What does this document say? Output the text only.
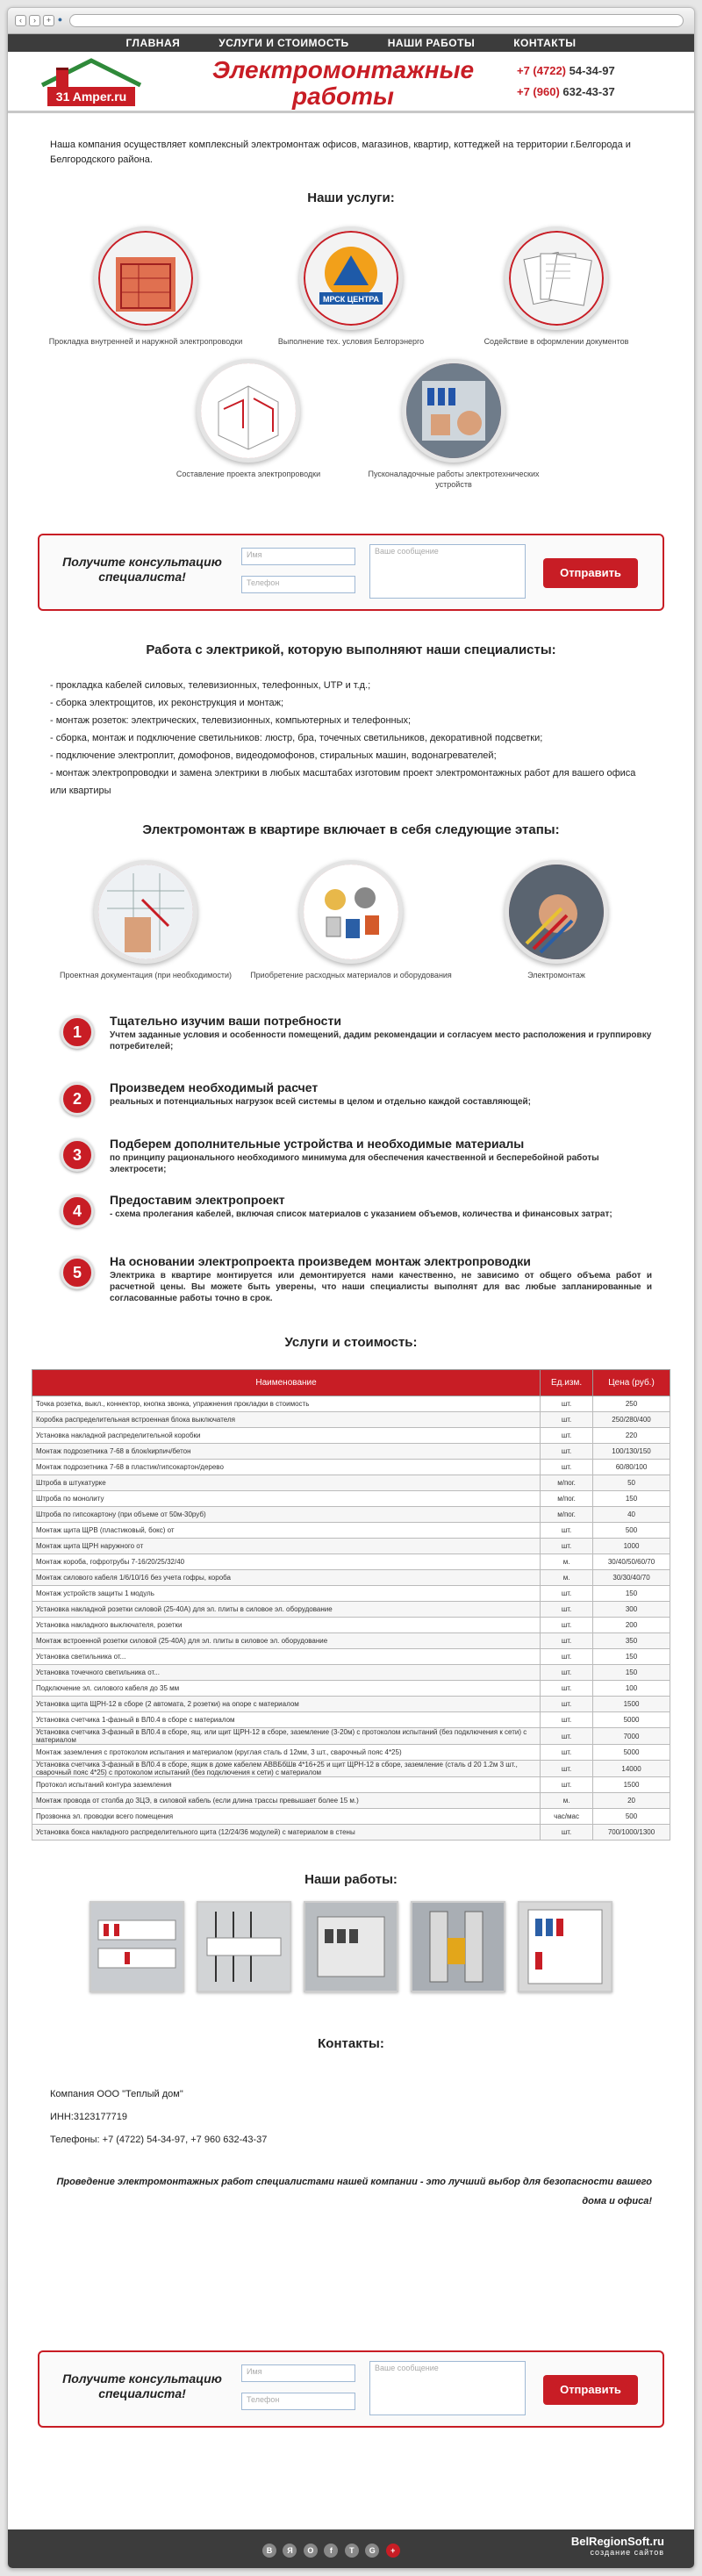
‹	›	+ ●
ГЛАВНАЯ	УСЛУГИ И СТОИМОСТЬ	НАШИ РАБОТЫ	КОНТАКТЫ
31 Amper.ru
Электромонтажные
работы
+7 (4722) 54-34-97
+7 (960) 632-43-37

Наша компания осуществляет комплексный электромонтаж офисов, магазинов, квартир, коттеджей на территории г.Белгорода и Белгородского района.

Наши услуги:
Прокладка внутренней и наружной электропроводки
МРСК ЦЕНТРА
Выполнение тех. условия Белгорэнерго	Содействие в оформлении документов
Составление проекта электропроводки	Пусконаладочные работы электротехнических устройств
Получите консультацию специалиста!
Имя
Телефон
Ваше сообщение
Отправить
Работа с электрикой, которую выполняют наши специалисты:
- прокладка кабелей силовых, телевизионных, телефонных, UTP и т.д.;
- сборка электрощитов, их реконструкция и монтаж;
- монтаж розеток: электрических, телевизионных, компьютерных и телефонных;
- сборка, монтаж и подключение светильников: люстр, бра, точечных светильников, декоративной подсветки;
- подключение электроплит, домофонов, видеодомофонов, стиральных машин, водонагревателей;
- монтаж электропроводки и замена электрики в любых масштабах изготовим проект электромонтажных работ для вашего офиса или квартиры
Электромонтаж в квартире включает в себя следующие этапы:
Проектная документация (при необходимости)	Приобретение расходных материалов и оборудования	Электромонтаж
1
Тщательно изучим ваши потребности
Учтем заданные условия и особенности помещений, дадим рекомендации и согласуем место расположения и группировку потребителей;
2
Произведем необходимый расчет
реальных и потенциальных нагрузок всей системы в целом и отдельно каждой составляющей;
3
Подберем дополнительные устройства и необходимые материалы
по принципу рационального необходимого минимума для обеспечения качественной и бесперебойной работы электросети;
4
Предоставим электропроект
- схема пролегания кабелей, включая список материалов с указанием объемов, количества и финансовых затрат;
5
На основании электропроекта произведем монтаж электропроводки
Электрика в квартире монтируется или демонтируется нами качественно, не зависимо от общего объема работ и расчетной цены. Вы можете быть уверены, что наши специалисты выполнят для вас любые запланированные и согласованные работы точно в срок.
Услуги и стоимость:
Наименование	Ед.изм.	Цена (руб.)
Точка розетка, выкл., коннектор, кнопка звонка, упражнения прокладки в стоимость	шт.	250
Коробка распределительная встроенная блока выключателя	шт.	250/280/400
Установка накладной распределительной коробки	шт.	220
Монтаж подрозетника 7-68 в блок/кирпич/бетон	шт.	100/130/150
Монтаж подрозетника 7-68 в пластик/гипсокартон/дерево	шт.	60/80/100
Штроба в штукатурке	м/пог.	50
Штроба по монолиту	м/пог.	150
Штроба по гипсокартону (при объеме от 50м-30руб)	м/пог.	40
Монтаж щита ЩРВ (пластиковый, бокс) от	шт.	500
Монтаж щита ЩРН наружного от	шт.	1000
Монтаж короба, гофротрубы 7-16/20/25/32/40	м.	30/40/50/60/70
Монтаж силового кабеля 1/6/10/16 без учета гофры, короба	м.	30/30/40/70
Монтаж устройств защиты 1 модуль	шт.	150
Установка накладной розетки силовой (25-40А) для эл. плиты в силовое эл. оборудование	шт.	300
Установка накладного выключателя, розетки	шт.	200
Монтаж встроенной розетки силовой (25-40А) для эл. плиты в силовое эл. оборудование	шт.	350
Установка светильника от...	шт.	150
Установка точечного светильника от...	шт.	150
Подключение эл. силового кабеля до 35 мм	шт.	100
Установка щита ЩРН-12 в сборе (2 автомата, 2 розетки) на опоре с материалом	шт.	1500
Установка счетчика 1-фазный в ВЛ0.4 в сборе с материалом	шт.	5000
Установка счетчика 3-фазный в ВЛ0.4 в сборе, ящ. или щит ЩРН-12 в сборе, заземление (3-20м) с протоколом испытаний (без подключения к сети) с материалом	шт.	7000
Монтаж заземления с протоколом испытания и материалом (круглая сталь d 12мм, 3 шт., сварочный пояс 4*25)	шт.	5000
Установка счетчика 3-фазный в ВЛ0.4 в сборе, ящик в доме кабелем АВВБбШв 4*16+25 и щит ЩРН-12 в сборе, заземление (сталь d 20 1.2м 3 шт., сварочный пояс 4*25) с протоколом испытаний (без подключения к сети) с материалом	шт.	14000
Протокол испытаний контура заземления	шт.	1500
Монтаж провода от столба до ЗЦЭ, в силовой кабель (если длина трассы превышает более 15 м.)	м.	20
Прозвонка эл. проводки всего помещения	час/мас	500
Установка бокса накладного распределительного щита (12/24/36 модулей) с материалом в стены	шт.	700/1000/1300
Наши работы:
Контакты:
Компания ООО "Теплый дом"
ИНН:3123177719
Телефоны: +7 (4722) 54-34-97, +7 960 632-43-37
Проведение электромонтажных работ специалистами нашей компании - это лучший выбор для безопасности вашего дома и офиса!
Получите консультацию специалиста!
Имя
Телефон
Ваше сообщение
Отправить
В Я О f Т G +
BelRegionSoft.ru
создание сайтов
